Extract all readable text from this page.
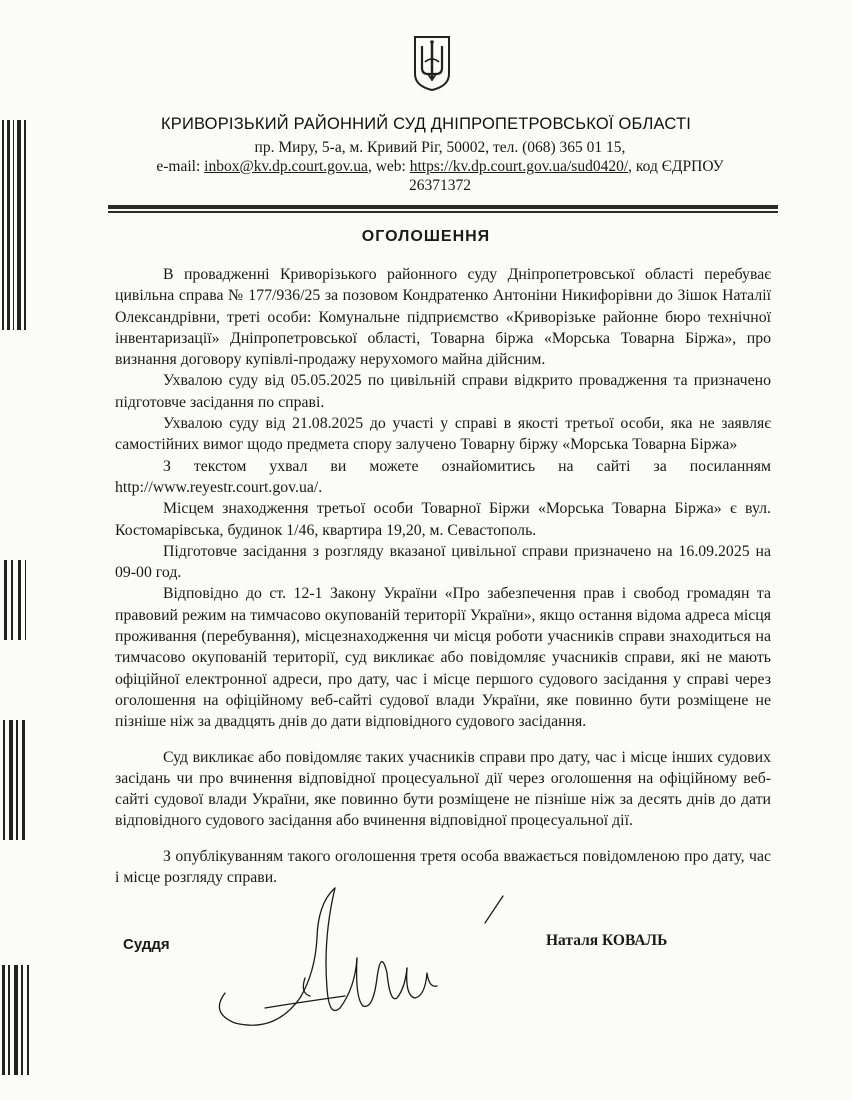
КРИВОРІЗЬКИЙ РАЙОННИЙ СУД ДНІПРОПЕТРОВСЬКОЇ ОБЛАСТІ
пр. Миру, 5-а, м. Кривий Ріг, 50002, тел. (068) 365 01 15,
e-mail: inbox@kv.dp.court.gov.ua, web: https://kv.dp.court.gov.ua/sud0420/, код ЄДРПОУ
26371372
ОГОЛОШЕННЯ

В провадженні Криворізького районного суду Дніпропетровської області перебуває цивільна справа № 177/936/25 за позовом Кондратенко Антоніни Никифорівни до Зішок Наталії Олександрівни, треті особи: Комунальне підприємство «Криворізьке районне бюро технічної інвентаризації» Дніпропетровської області, Товарна біржа «Морська Товарна Біржа», про визнання договору купівлі-продажу нерухомого майна дійсним.

Ухвалою суду від 05.05.2025 по цивільній справи відкрито провадження та призначено підготовче засідання по справі.

Ухвалою суду від 21.08.2025 до участі у справі в якості третьої особи, яка не заявляє самостійних вимог щодо предмета спору залучено Товарну біржу «Морська Товарна Біржа»

З текстом ухвал ви можете ознайомитись на сайті за посиланням http://www.reyestr.court.gov.ua/.

Місцем знаходження третьої особи Товарної Біржи «Морська Товарна Біржа» є вул. Костомарівська, будинок 1/46, квартира 19,20, м. Севастополь.

Підготовче засідання з розгляду вказаної цивільної справи призначено на 16.09.2025 на 09-00 год.

Відповідно до ст. 12-1 Закону України «Про забезпечення прав і свобод громадян та правовий режим на тимчасово окупованій території України», якщо остання відома адреса місця проживання (перебування), місцезнаходження чи місця роботи учасників справи знаходиться на тимчасово окупованій території, суд викликає або повідомляє учасників справи, які не мають офіційної електронної адреси, про дату, час і місце першого судового засідання у справі через оголошення на офіційному веб-сайті судової влади України, яке повинно бути розміщене не пізніше ніж за двадцять днів до дати відповідного судового засідання.

Суд викликає або повідомляє таких учасників справи про дату, час і місце інших судових засідань чи про вчинення відповідної процесуальної дії через оголошення на офіційному веб-сайті судової влади України, яке повинно бути розміщене не пізніше ніж за десять днів до дати відповідного судового засідання або вчинення відповідної процесуальної дії.

З опублікуванням такого оголошення третя особа вважається повідомленою про дату, час і місце розгляду справи.

Суддя	Наталя КОВАЛЬ
